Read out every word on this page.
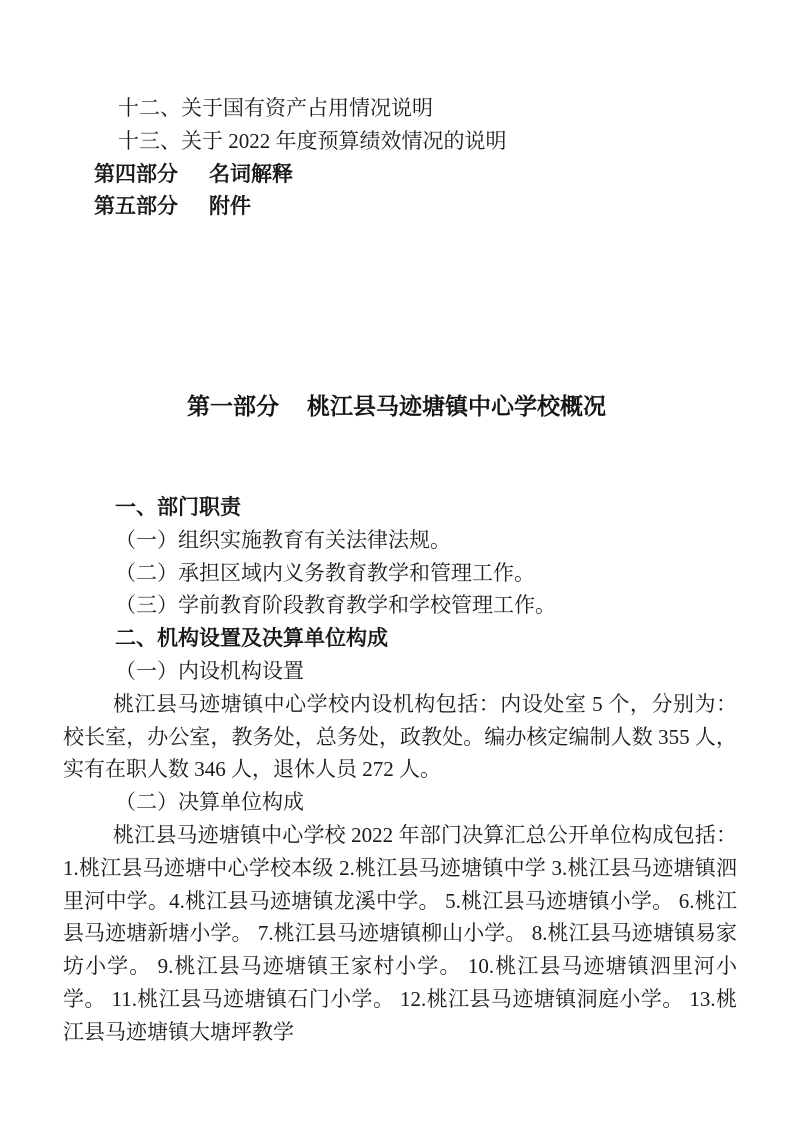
十二、关于国有资产占用情况说明
十三、关于 2022 年度预算绩效情况的说明
第四部分 名词解释
第五部分 附件
第一部分 桃江县马迹塘镇中心学校概况
一、部门职责
（一）组织实施教育有关法律法规。
（二）承担区域内义务教育教学和管理工作。
（三）学前教育阶段教育教学和学校管理工作。
二、机构设置及决算单位构成
（一）内设机构设置

桃江县马迹塘镇中心学校内设机构包括：内设处室 5 个，分别为：校长室，办公室，教务处，总务处，政教处。编办核定编制人数 355 人，实有在职人数 346 人，退休人员 272 人。

（二）决算单位构成

桃江县马迹塘镇中心学校 2022 年部门决算汇总公开单位构成包括：1.桃江县马迹塘中心学校本级 2.桃江县马迹塘镇中学 3.桃江县马迹塘镇泗里河中学。4.桃江县马迹塘镇龙溪中学。 5.桃江县马迹塘镇小学。 6.桃江县马迹塘新塘小学。 7.桃江县马迹塘镇柳山小学。 8.桃江县马迹塘镇易家坊小学。 9.桃江县马迹塘镇王家村小学。 10.桃江县马迹塘镇泗里河小学。 11.桃江县马迹塘镇石门小学。 12.桃江县马迹塘镇洞庭小学。 13.桃江县马迹塘镇大塘坪教学
